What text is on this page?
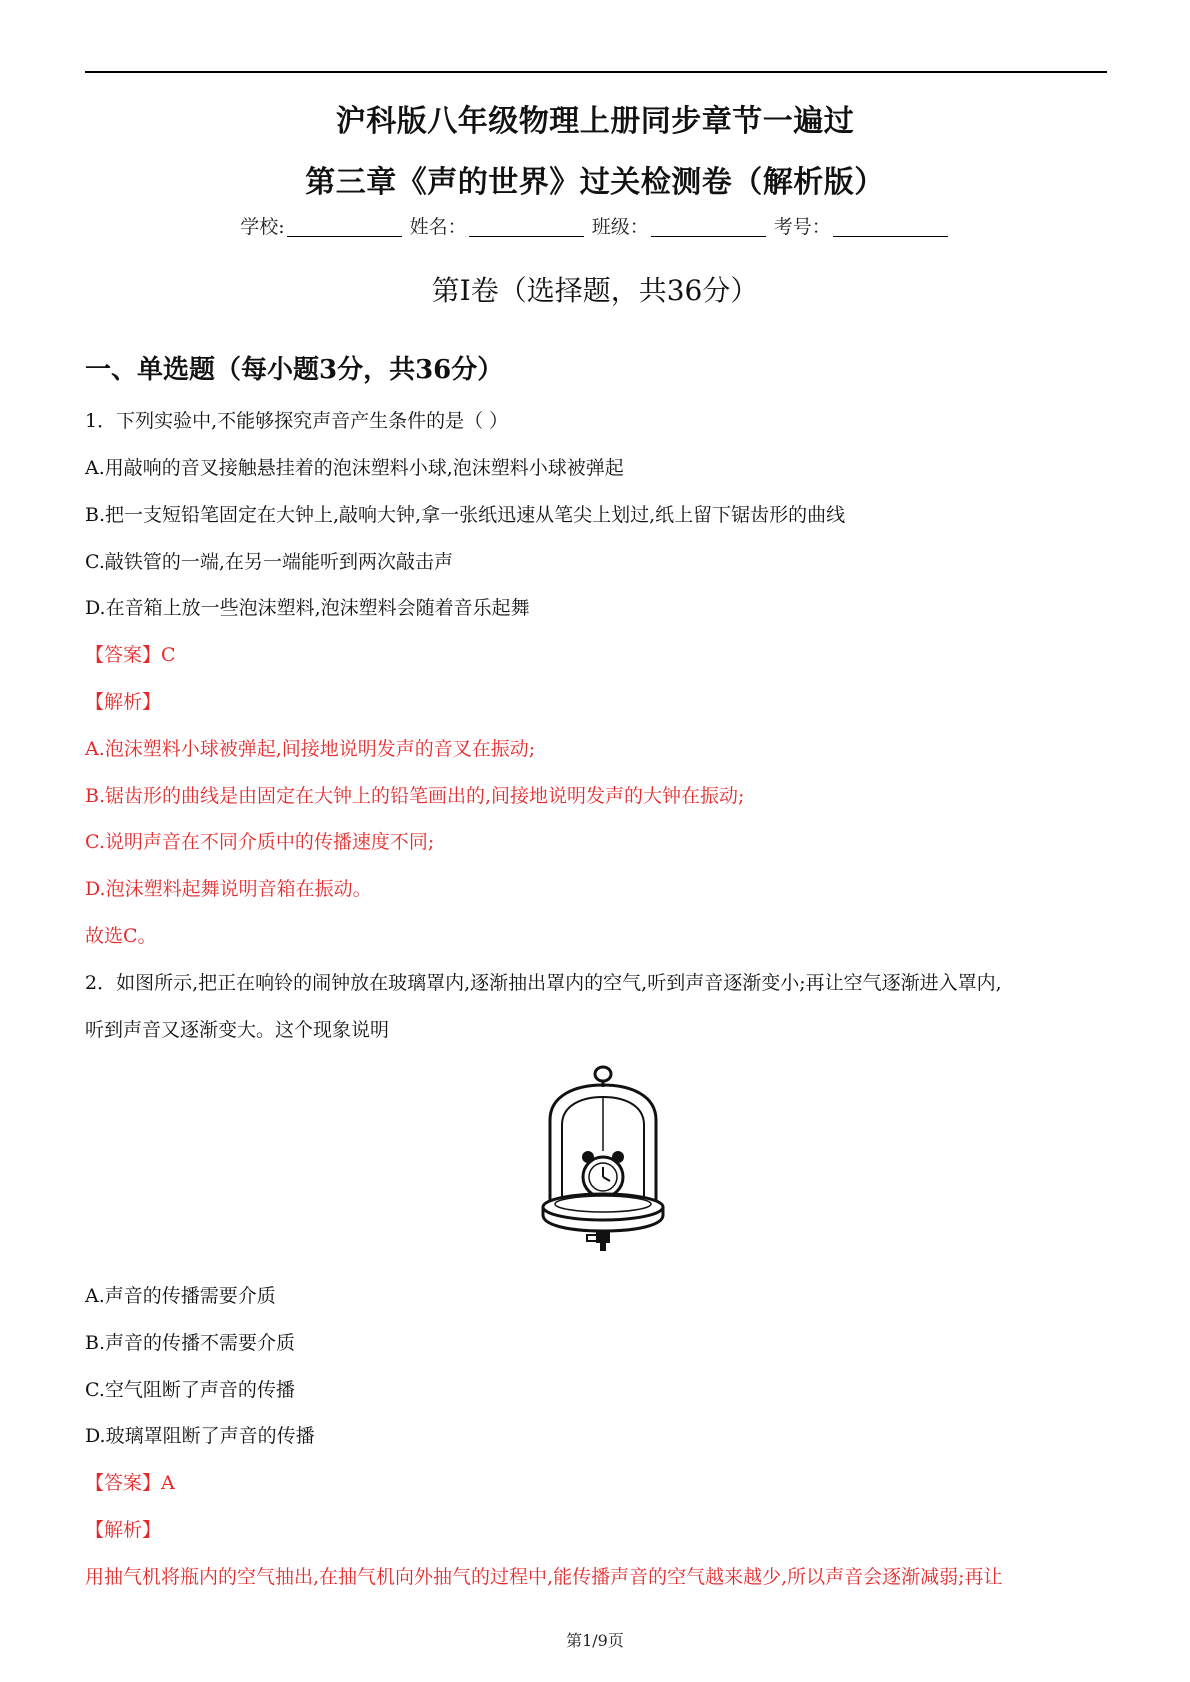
沪科版八年级物理上册同步章节一遍过
第三章《声的世界》过关检测卷（解析版）
学校:	姓名：	班级：	考号：
第I卷（选择题，共36分）
一、单选题（每小题3分，共36分）
1．下列实验中,不能够探究声音产生条件的是（ ）
A.用敲响的音叉接触悬挂着的泡沫塑料小球,泡沫塑料小球被弹起
B.把一支短铅笔固定在大钟上,敲响大钟,拿一张纸迅速从笔尖上划过,纸上留下锯齿形的曲线
C.敲铁管的一端,在另一端能听到两次敲击声
D.在音箱上放一些泡沫塑料,泡沫塑料会随着音乐起舞
【答案】C
【解析】
A.泡沫塑料小球被弹起,间接地说明发声的音叉在振动;
B.锯齿形的曲线是由固定在大钟上的铅笔画出的,间接地说明发声的大钟在振动;
C.说明声音在不同介质中的传播速度不同;
D.泡沫塑料起舞说明音箱在振动。
故选C。
2．如图所示,把正在响铃的闹钟放在玻璃罩内,逐渐抽出罩内的空气,听到声音逐渐变小;再让空气逐渐进入罩内,
听到声音又逐渐变大。这个现象说明
A.声音的传播需要介质
B.声音的传播不需要介质
C.空气阻断了声音的传播
D.玻璃罩阻断了声音的传播
【答案】A
【解析】
用抽气机将瓶内的空气抽出,在抽气机向外抽气的过程中,能传播声音的空气越来越少,所以声音会逐渐减弱;再让
第1/9页
